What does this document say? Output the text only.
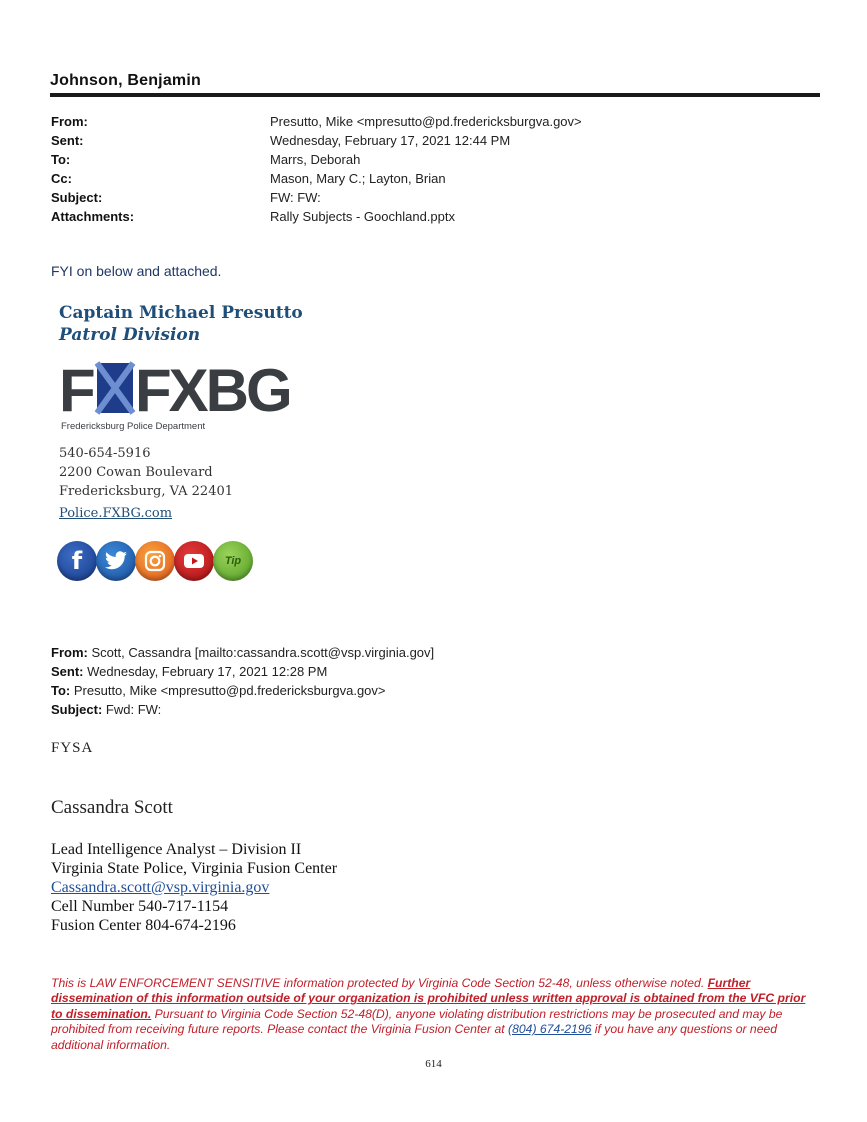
Johnson, Benjamin
From:	Presutto, Mike <mpresutto@pd.fredericksburgva.gov>
Sent:	Wednesday, February 17, 2021 12:44 PM
To:	Marrs, Deborah
Cc:	Mason, Mary C.; Layton, Brian
Subject:	FW: FW:
Attachments:	Rally Subjects - Goochland.pptx
FYI on below and attached.
Captain Michael Presutto
Patrol Division
F FXBG
Fredericksburg Police Department
540-654-5916
2200 Cowan Boulevard
Fredericksburg, VA 22401
Police.FXBG.com
f	Tip
From: Scott, Cassandra [mailto:cassandra.scott@vsp.virginia.gov]
Sent: Wednesday, February 17, 2021 12:28 PM
To: Presutto, Mike <mpresutto@pd.fredericksburgva.gov>
Subject: Fwd: FW:
FYSA
Cassandra Scott
Lead Intelligence Analyst – Division II
Virginia State Police, Virginia Fusion Center
Cassandra.scott@vsp.virginia.gov
Cell Number 540-717-1154
Fusion Center 804-674-2196
This is LAW ENFORCEMENT SENSITIVE information protected by Virginia Code Section 52-48, unless otherwise noted. Further dissemination of this information outside of your organization is prohibited unless written approval is obtained from the VFC prior to dissemination. Pursuant to Virginia Code Section 52-48(D), anyone violating distribution restrictions may be prosecuted and may be prohibited from receiving future reports. Please contact the Virginia Fusion Center at (804) 674-2196 if you have any questions or need additional information.
614
